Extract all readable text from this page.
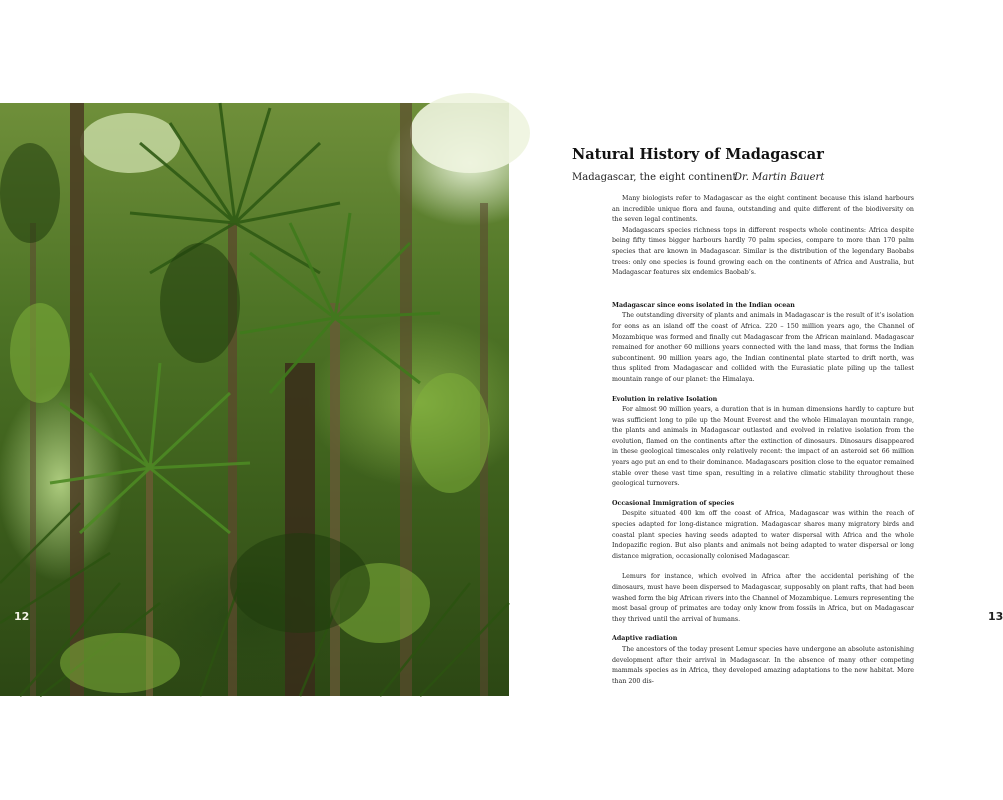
12
Natural History of Madagascar
Madagascar, the eight continent
Dr. Martin Bauert

Many biologists refer to Madagascar as the eight continent because this island harbours an incredible unique flora and fauna, outstanding and quite different of the biodiversity on the seven legal continents.

Madagascars species richness tops in different respects whole continents: Africa despite being fifty times bigger harbours hardly 70 palm species, compare to more than 170 palm species that are known in Madagascar. Similar is the distribution of the legendary Baobabs trees: only one species is found growing each on the continents of Africa and Australia, but Madagascar features six endemics Baobab’s.

Madagascar since eons isolated in the Indian ocean

The outstanding diversity of plants and animals in Madagascar is the result of it’s isolation for eons as an island off the coast of Africa. 220 – 150 million years ago, the Channel of Mozambique was formed and finally cut Madagascar from the African mainland. Madagascar remained for another 60 millions years connected with the land mass, that forms the Indian subcontinent. 90 million years ago, the Indian continental plate started to drift north, was thus splited from Madagascar and collided with the Eurasiatic plate piling up the tallest mountain range of our planet: the Himalaya.

Evolution in relative Isolation

For almost 90 million years, a duration that is in human dimensions hardly to capture but was sufficient long to pile up the Mount Everest and the whole Himalayan mountain range, the plants and animals in Madagascar outlasted and evolved in relative isolation from the evolution, flamed on the continents after the extinction of dinosaurs. Dinosaurs disappeared in these geological timescales only relatively recent: the impact of an asteroid set 66 million years ago put an end to their dominance. Madagascars position close to the equator remained stable over these vast time span, resulting in a relative climatic stability throughout these geological turnovers.

Occasional Immigration of species

Despite situated 400 km off the coast of Africa, Madagascar was within the reach of species adapted for long-distance migration. Madagascar shares many migratory birds and coastal plant species having seeds adapted to water dispersal with Africa and the whole Indopazific region. But also plants and animals not being adapted to water dispersal or long distance migration, occasionally colonised Madagascar.

Lemurs for instance, which evolved in Africa after the accidental perishing of the dinosaurs, must have been dispersed to Madagascar, supposably on plant rafts, that had been washed form the big African rivers into the Channel of Mozambique. Lemurs representing the most basal group of primates are today only know from fossils in Africa, but on Madagascar they thrived until the arrival of humans.

Adaptive radiation

The ancestors of the today present Lemur species have undergone an absolute astonishing development after their arrival in Madagascar. In the absence of many other competing mammals species as in Africa, they developed amazing adaptations to the new habitat. More than 200 dis-

13
